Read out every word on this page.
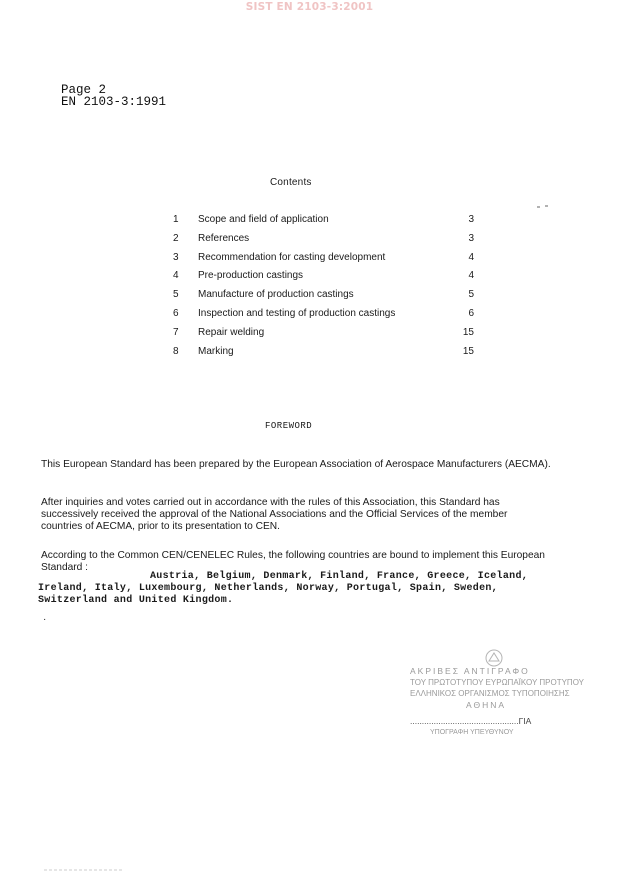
SIST EN 2103-3:2001
Page 2
EN 2103-3:1991
Contents
1 Scope and field of application	3
2 References	3
3 Recommendation for casting development	4
4 Pre-production castings	4
5 Manufacture of production castings	5
6 Inspection and testing of production castings	6
7 Repair welding	15
8 Marking	15
FOREWORD
This European Standard has been prepared by the European Association of Aerospace Manufacturers (AECMA).
After inquiries and votes carried out in accordance with the rules of this Association, this Standard has successively received the approval of the National Associations and the Official Services of the member countries of AECMA, prior to its presentation to CEN.
According to the Common CEN/CENELEC Rules, the following countries are bound to implement this European Standard :
Austria, Belgium, Denmark, Finland, France, Greece, Iceland,
Ireland, Italy, Luxembourg, Netherlands, Norway, Portugal, Spain, Sweden,
Switzerland and United Kingdom.
·
ΑΚΡΙΒΕΣ ΑΝΤΙΓΡΑΦΟ
ΤΟΥ ΠΡΩΤΟΤΥΠΟΥ ΕΥΡΩΠΑΪΚΟΥ ΠΡΟΤΥΠΟΥ
ΕΛΛΗΝΙΚΟΣ ΟΡΓΑΝΙΣΜΟΣ ΤΥΠΟΠΟΙΗΣΗΣ
ΑΘΗΝΑ
..............................................ΓΙΑ
ΥΠΟΓΡΑΦΗ ΥΠΕΥΘΥΝΟΥ
